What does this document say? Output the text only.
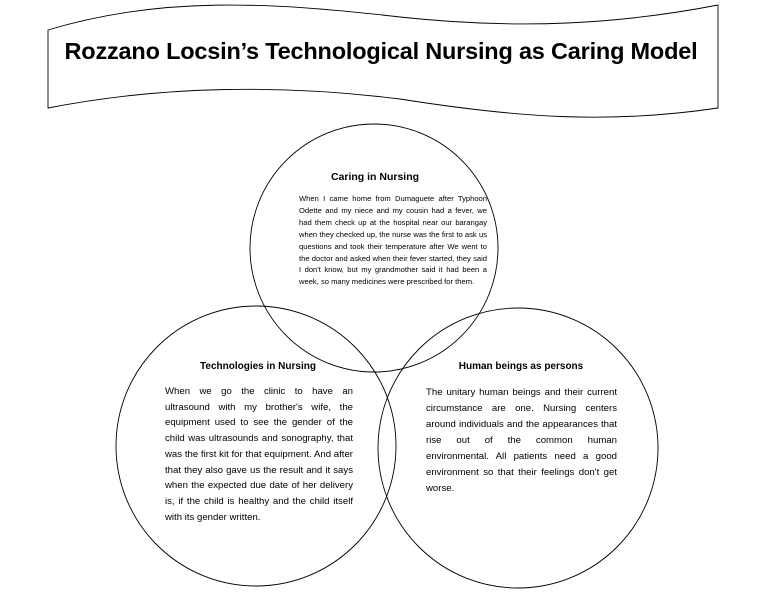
Rozzano Locsin’s Technological Nursing as Caring Model
Caring in Nursing

When I came home from Dumaguete after Typhoon Odette and my niece and my cousin had a fever, we had them check up at the hospital near our barangay when they checked up, the nurse was the first to ask us questions and took their temperature after We went to the doctor and asked when their fever started, they said I don't know, but my grandmother said it had been a week, so many medicines were prescribed for them.

Technologies in Nursing

When we go the clinic to have an ultrasound with my brother's wife, the equipment used to see the gender of the child was ultrasounds and sonography, that was the first kit for that equipment. And after that they also gave us the result and it says when the expected due date of her delivery is, if the child is healthy and the child itself with its gender written.

Human beings as persons

The unitary human beings and their current circumstance are one. Nursing centers around individuals and the appearances that rise out of the common human environmental. All patients need a good environment so that their feelings don't get worse.
